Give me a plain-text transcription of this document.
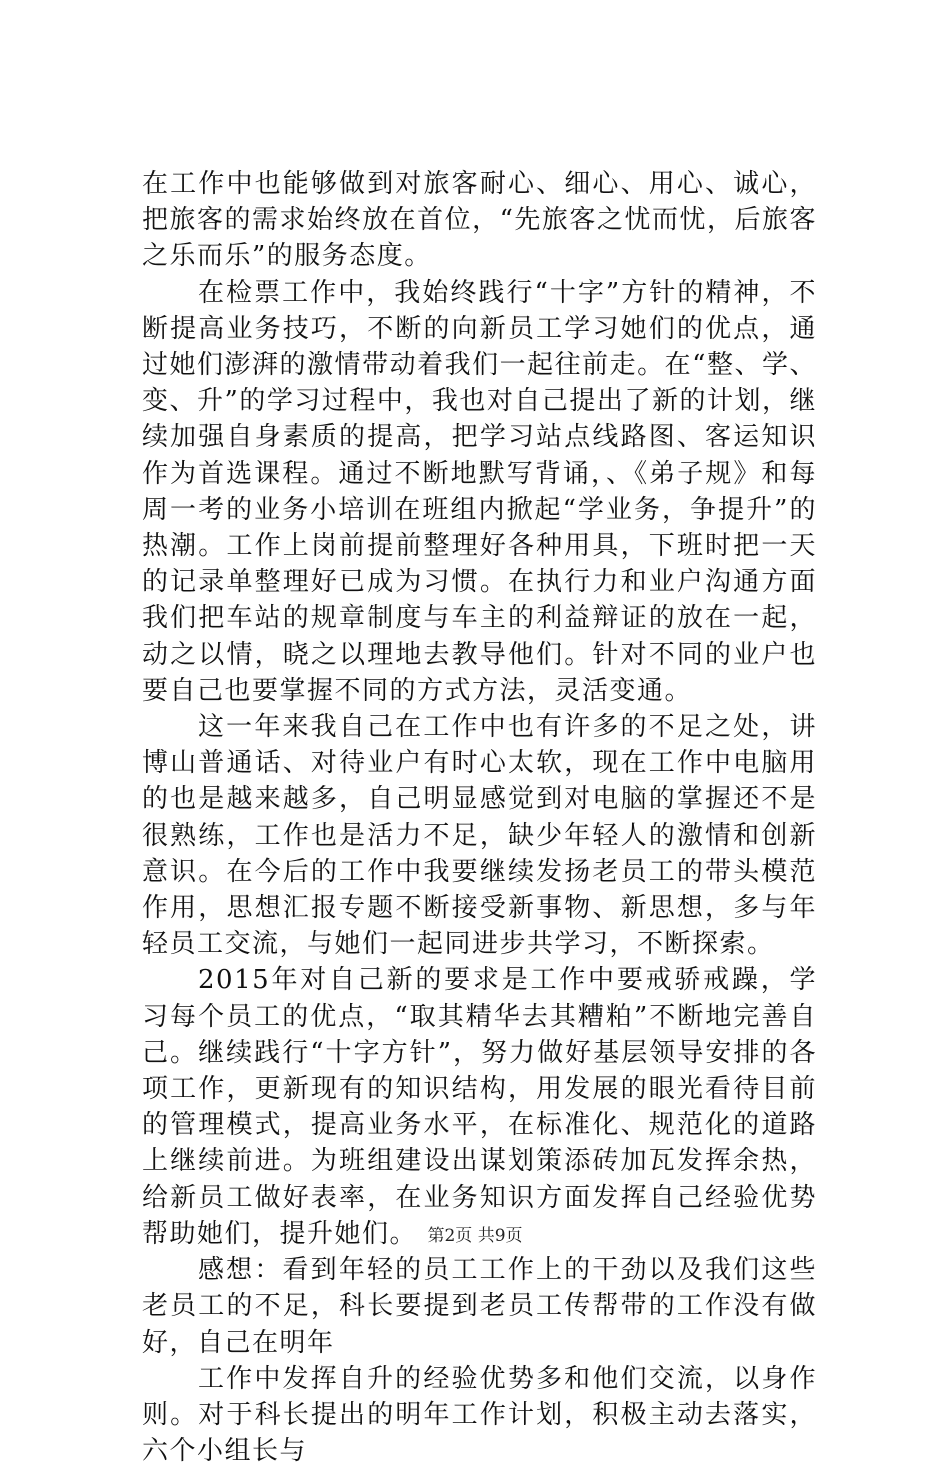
在工作中也能够做到对旅客耐心、细心、用心、诚心，把旅客的需求始终放在首位，“先旅客之忧而忧，后旅客之乐而乐”的服务态度。

在检票工作中，我始终践行“十字”方针的精神，不断提高业务技巧，不断的向新员工学习她们的优点，通过她们澎湃的激情带动着我们一起往前走。在“整、学、变、升”的学习过程中，我也对自己提出了新的计划，继续加强自身素质的提高，把学习站点线路图、客运知识作为首选课程。通过不断地默写背诵，、《弟子规》和每周一考的业务小培训在班组内掀起“学业务，争提升”的热潮。工作上岗前提前整理好各种用具，下班时把一天的记录单整理好已成为习惯。在执行力和业户沟通方面我们把车站的规章制度与车主的利益辩证的放在一起，动之以情，晓之以理地去教导他们。针对不同的业户也要自己也要掌握不同的方式方法，灵活变通。

这一年来我自己在工作中也有许多的不足之处，讲博山普通话、对待业户有时心太软，现在工作中电脑用的也是越来越多，自己明显感觉到对电脑的掌握还不是很熟练，工作也是活力不足，缺少年轻人的激情和创新意识。在今后的工作中我要继续发扬老员工的带头模范作用，思想汇报专题不断接受新事物、新思想，多与年轻员工交流，与她们一起同进步共学习，不断探索。

2015年对自己新的要求是工作中要戒骄戒躁，学习每个员工的优点，“取其精华去其糟粕”不断地完善自己。继续践行“十字方针”，努力做好基层领导安排的各项工作，更新现有的知识结构，用发展的眼光看待目前的管理模式，提高业务水平，在标准化、规范化的道路上继续前进。为班组建设出谋划策添砖加瓦发挥余热，给新员工做好表率，在业务知识方面发挥自己经验优势帮助她们，提升她们。

感想：看到年轻的员工工作上的干劲以及我们这些老员工的不足，科长要提到老员工传帮带的工作没有做好，自己在明年

工作中发挥自升的经验优势多和他们交流，以身作则。对于科长提出的明年工作计划，积极主动去落实，六个小组长与

第2页 共9页
